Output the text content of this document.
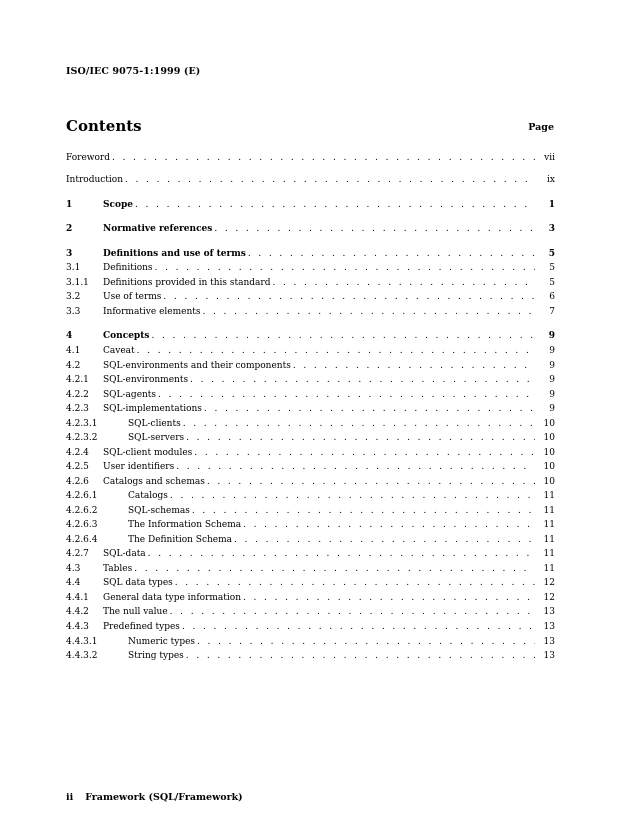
ISO/IEC 9075-1:1999 (E)
Contents	Page
Foreword . . .	vii
Introduction . . .	ix
1	Scope . . .	1
2	Normative references . . .	3
3	Definitions and use of terms . . .	5
3.1	Definitions . . .	5
3.1.1	Definitions provided in this standard . . .	5
3.2	Use of terms . . .	6
3.3	Informative elements . . .	7
4	Concepts . . .	9
4.1	Caveat . . .	9
4.2	SQL-environments and their components . . .	9
4.2.1	SQL-environments . . .	9
4.2.2	SQL-agents . . .	9
4.2.3	SQL-implementations . . .	9
4.2.3.1	SQL-clients . . .	10
4.2.3.2	SQL-servers . . .	10
4.2.4	SQL-client modules . . .	10
4.2.5	User identifiers . . .	10
4.2.6	Catalogs and schemas . . .	10
4.2.6.1	Catalogs . . .	11
4.2.6.2	SQL-schemas . . .	11
4.2.6.3	The Information Schema . . .	11
4.2.6.4	The Definition Schema . . .	11
4.2.7	SQL-data . . .	11
4.3	Tables . . .	11
4.4	SQL data types . . .	12
4.4.1	General data type information . . .	12
4.4.2	The null value . . .	13
4.4.3	Predefined types . . .	13
4.4.3.1	Numeric types . . .	13
4.4.3.2	String types . . .	13
ii Framework (SQL/Framework)
